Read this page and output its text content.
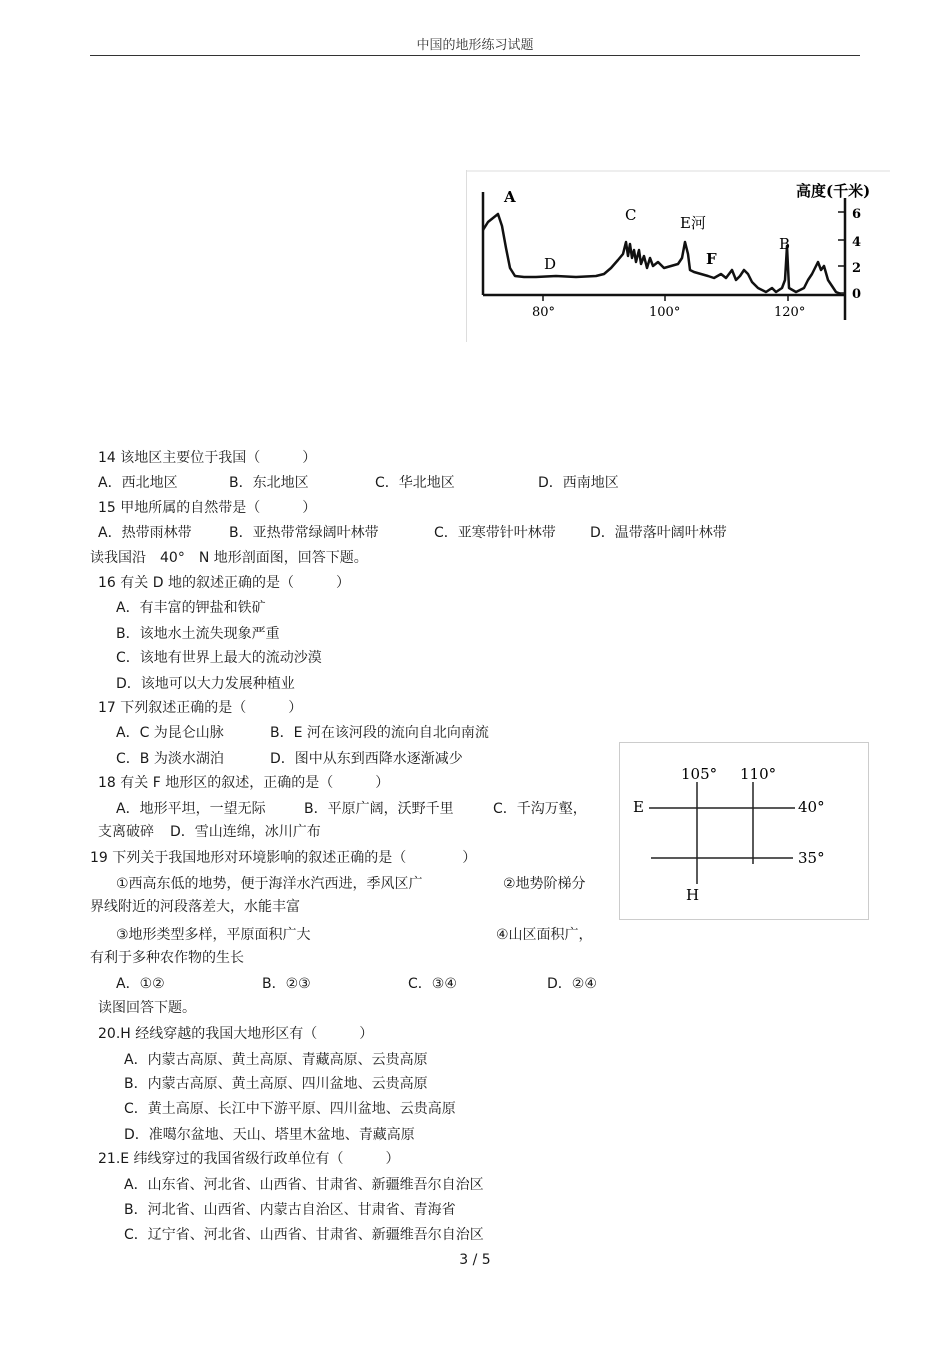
中国的地形练习试题
A
C
D
E河
F
B
高度(千米)
6
4
2
0
80°	100°	120°
105° 110°
40°
35°
E
H
14 该地区主要位于我国（　　　）
A．西北地区	B．东北地区	C．华北地区	D．西南地区
15 甲地所属的自然带是（　　　）
A．热带雨林带	B．亚热带常绿阔叶林带	C．亚寒带针叶林带 D．温带落叶阔叶林带
读我国沿　40°　N 地形剖面图，回答下题。
16 有关 D 地的叙述正确的是（　　　）
A．有丰富的钾盐和铁矿
B．该地水土流失现象严重
C．该地有世界上最大的流动沙漠
D．该地可以大力发展种植业
17 下列叙述正确的是（　　　）
A．C 为昆仑山脉	B．E 河在该河段的流向自北向南流
C．B 为淡水湖泊	D．图中从东到西降水逐渐减少
18 有关 F 地形区的叙述，正确的是（　　　）
A．地形平坦，一望无际	B．平原广阔，沃野千里	C．千沟万壑，
支离破碎 D．雪山连绵，冰川广布
19 下列关于我国地形对环境影响的叙述正确的是（　　　　）
①西高东低的地势，便于海洋水汽西进，季风区广	②地势阶梯分
界线附近的河段落差大，水能丰富
③地形类型多样，平原面积广大	④山区面积广，
有利于多种农作物的生长
A．①②	B．②③	C．③④	D．②④
读图回答下题。
20.H 经线穿越的我国大地形区有（　　　）
A．内蒙古高原、黄土高原、青藏高原、云贵高原
B．内蒙古高原、黄土高原、四川盆地、云贵高原
C．黄土高原、长江中下游平原、四川盆地、云贵高原
D．准噶尔盆地、天山、塔里木盆地、青藏高原
21.E 纬线穿过的我国省级行政单位有（　　　）
A．山东省、河北省、山西省、甘肃省、新疆维吾尔自治区
B．河北省、山西省、内蒙古自治区、甘肃省、青海省
C．辽宁省、河北省、山西省、甘肃省、新疆维吾尔自治区
3 / 5
